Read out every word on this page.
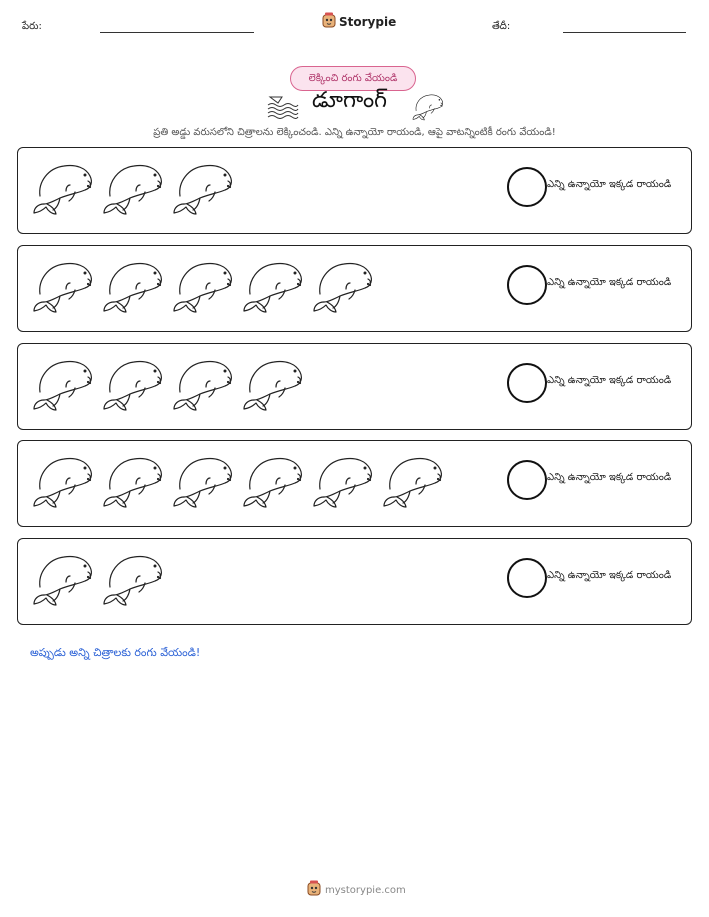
పేరు:	Storypie	తేదీ:
లెక్కించి రంగు వేయండి
డూగాంగ్
ప్రతి అడ్డు వరుసలోని చిత్రాలను లెక్కించండి. ఎన్ని ఉన్నాయో రాయండి, ఆపై వాటన్నింటికీ రంగు వేయండి!
ఎన్ని ఉన్నాయో ఇక్కడ రాయండి
ఎన్ని ఉన్నాయో ఇక్కడ రాయండి
ఎన్ని ఉన్నాయో ఇక్కడ రాయండి
ఎన్ని ఉన్నాయో ఇక్కడ రాయండి
ఎన్ని ఉన్నాయో ఇక్కడ రాయండి
అప్పుడు అన్ని చిత్రాలకు రంగు వేయండి!
mystorypie.com
